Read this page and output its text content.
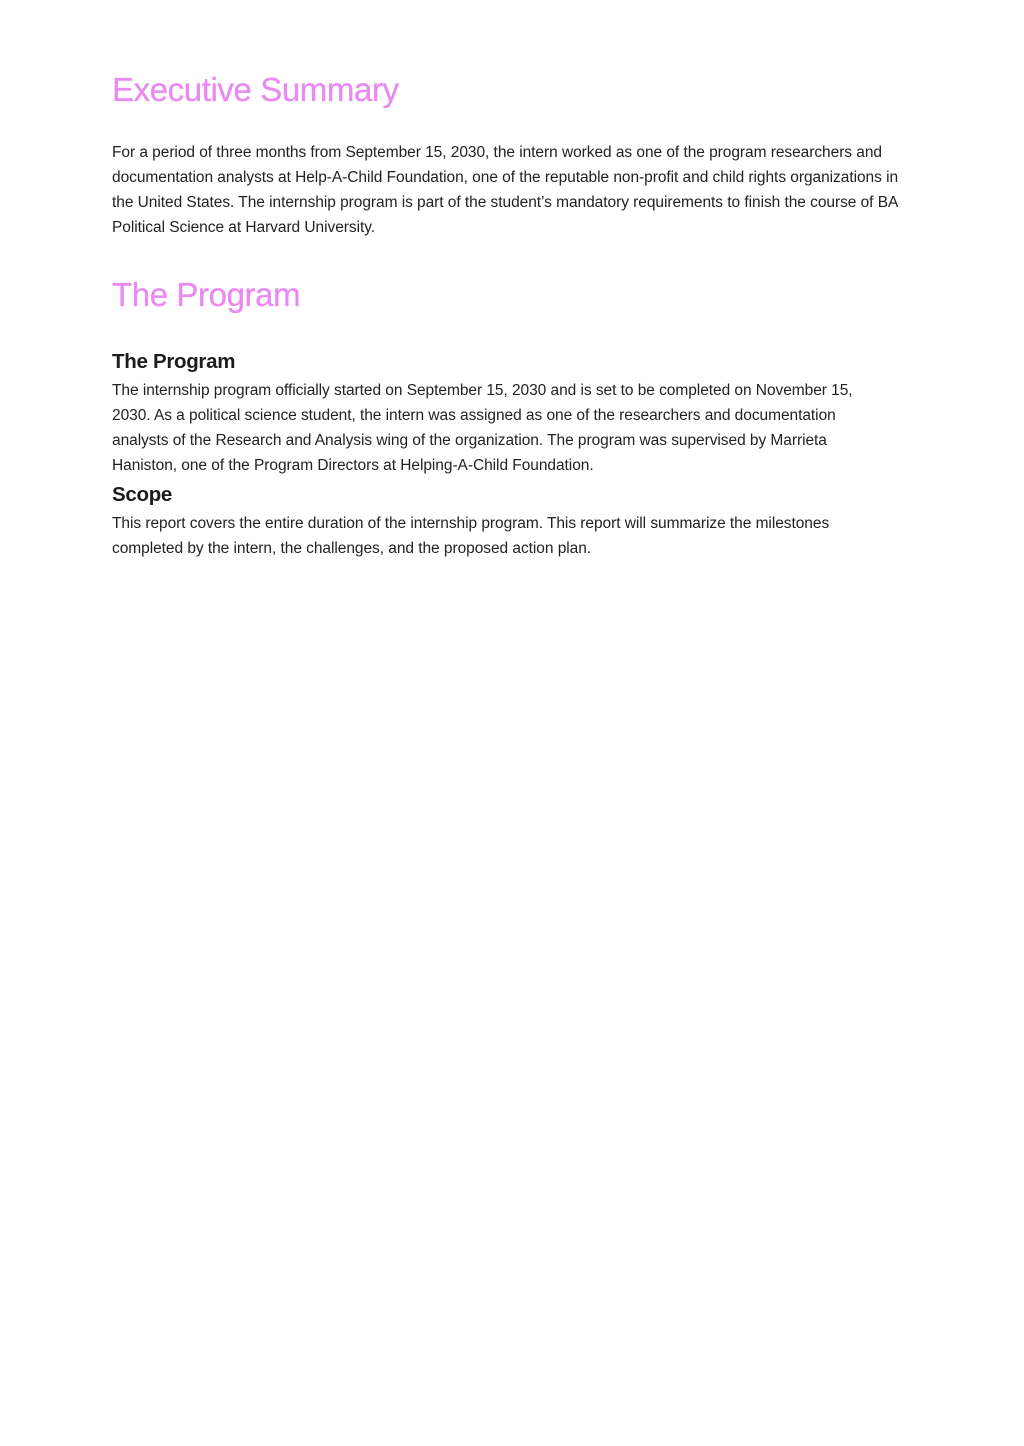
Executive Summary

For a period of three months from September 15, 2030, the intern worked as one of the program researchers and documentation analysts at Help-A-Child Foundation, one of the reputable non-profit and child rights organizations in the United States. The internship program is part of the student’s mandatory requirements to finish the course of BA Political Science at Harvard University.

The Program
The Program

The internship program officially started on September 15, 2030 and is set to be completed on November 15, 2030. As a political science student, the intern was assigned as one of the researchers and documentation analysts of the Research and Analysis wing of the organization. The program was supervised by Marrieta Haniston, one of the Program Directors at Helping-A-Child Foundation.

Scope

This report covers the entire duration of the internship program. This report will summarize the milestones completed by the intern, the challenges, and the proposed action plan.
